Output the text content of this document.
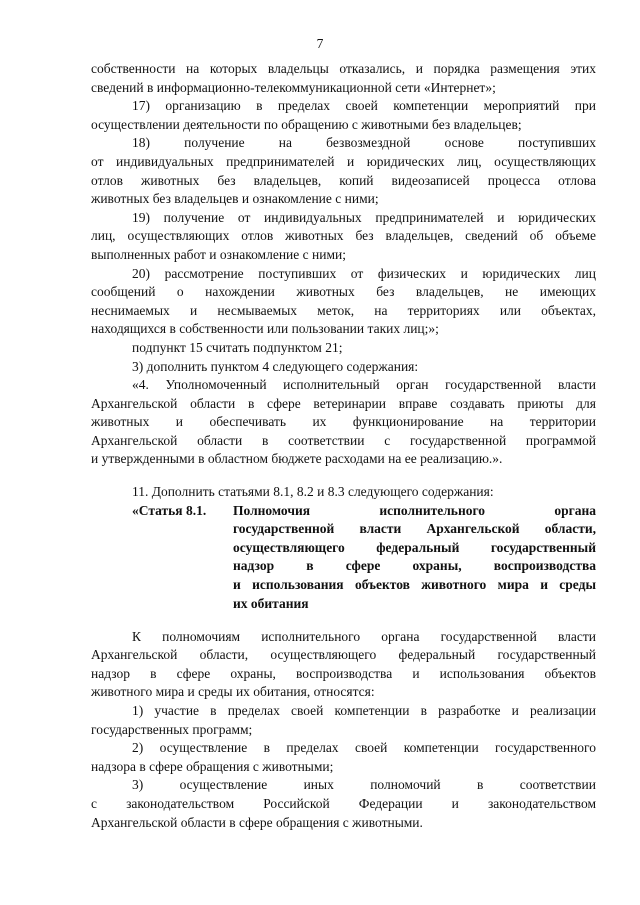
7
собственности на которых владельцы отказались, и порядка размещения этих
сведений в информационно-телекоммуникационной сети «Интернет»;
17) организацию в пределах своей компетенции мероприятий при
осуществлении деятельности по обращению с животными без владельцев;
18) получение на безвозмездной основе поступивших
от индивидуальных предпринимателей и юридических лиц, осуществляющих
отлов животных без владельцев, копий видеозаписей процесса отлова
животных без владельцев и ознакомление с ними;
19) получение от индивидуальных предпринимателей и юридических
лиц, осуществляющих отлов животных без владельцев, сведений об объеме
выполненных работ и ознакомление с ними;
20) рассмотрение поступивших от физических и юридических лиц
сообщений о нахождении животных без владельцев, не имеющих
неснимаемых и несмываемых меток, на территориях или объектах,
находящихся в собственности или пользовании таких лиц;»;
подпункт 15 считать подпунктом 21;
3) дополнить пунктом 4 следующего содержания:
«4. Уполномоченный исполнительный орган государственной власти
Архангельской области в сфере ветеринарии вправе создавать приюты для
животных и обеспечивать их функционирование на территории
Архангельской области в соответствии с государственной программой
и утвержденными в областном бюджете расходами на ее реализацию.».
11. Дополнить статьями 8.1, 8.2 и 8.3 следующего содержания:
«Статья 8.1. Полномочия исполнительного органа
государственной власти Архангельской области,
осуществляющего федеральный государственный
надзор в сфере охраны, воспроизводства
и использования объектов животного мира и среды
их обитания
К полномочиям исполнительного органа государственной власти
Архангельской области, осуществляющего федеральный государственный
надзор в сфере охраны, воспроизводства и использования объектов
животного мира и среды их обитания, относятся:
1) участие в пределах своей компетенции в разработке и реализации
государственных программ;
2) осуществление в пределах своей компетенции государственного
надзора в сфере обращения с животными;
3) осуществление иных полномочий в соответствии
с законодательством Российской Федерации и законодательством
Архангельской области в сфере обращения с животными.
